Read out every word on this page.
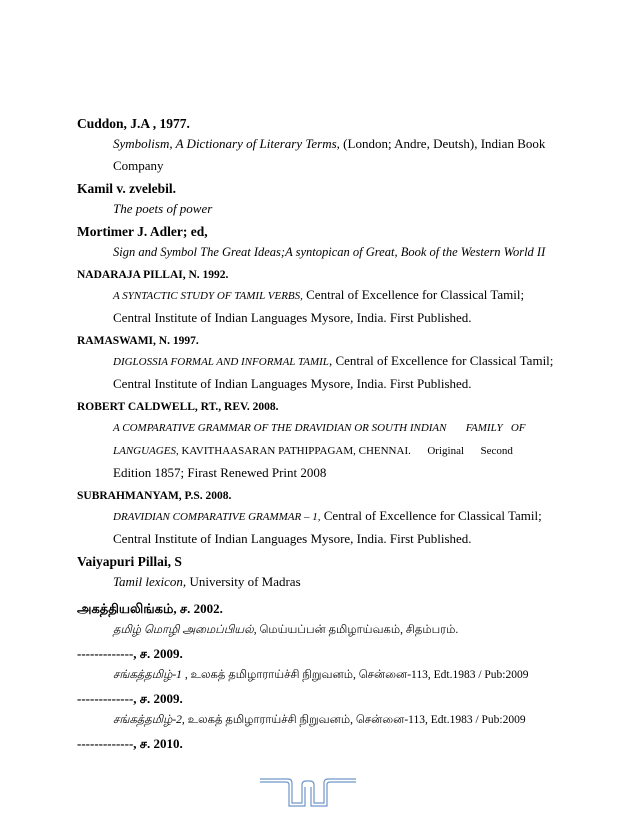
Cuddon, J.A , 1977.
Symbolism, A Dictionary of Literary Terms, (London; Andre, Deutsh), Indian Book
Company
Kamil v. zvelebil.
The poets of power
Mortimer J. Adler; ed,
Sign and Symbol The Great Ideas;A syntopican of Great, Book of the Western World II
NADARAJA PILLAI, N. 1992.
A SYNTACTIC STUDY OF TAMIL VERBS, Central of Excellence for Classical Tamil;
Central Institute of Indian Languages Mysore, India. First Published.
RAMASWAMI, N. 1997.
DIGLOSSIA FORMAL AND INFORMAL TAMIL, Central of Excellence for Classical Tamil;
Central Institute of Indian Languages Mysore, India. First Published.
ROBERT CALDWELL, RT., REV. 2008.
A COMPARATIVE GRAMMAR OF THE DRAVIDIAN OR SOUTH INDIAN       FAMILY   OF
LANGUAGES, KAVITHAASARAN PATHIPPAGAM, CHENNAI.      Original      Second
Edition 1857; Firast Renewed Print 2008
SUBRAHMANYAM, P.S. 2008.
DRAVIDIAN COMPARATIVE GRAMMAR – 1, Central of Excellence for Classical Tamil;
Central Institute of Indian Languages Mysore, India. First Published.
Vaiyapuri Pillai, S
Tamil lexicon, University of Madras
அகத்தியலிங்கம், ச. 2002.
தமிழ் மொழி அமைப்பியல், மெய்யப்பன் தமிழாய்வகம், சிதம்பரம்.
-------------, ச. 2009.
சங்கத்தமிழ்-1 , உலகத் தமிழாராய்ச்சி நிறுவனம், சென்னை-113, Edt.1983 / Pub:2009
-------------, ச. 2009.
சங்கத்தமிழ்-2, உலகத் தமிழாராய்ச்சி நிறுவனம், சென்னை-113, Edt.1983 / Pub:2009
-------------, ச. 2010.
